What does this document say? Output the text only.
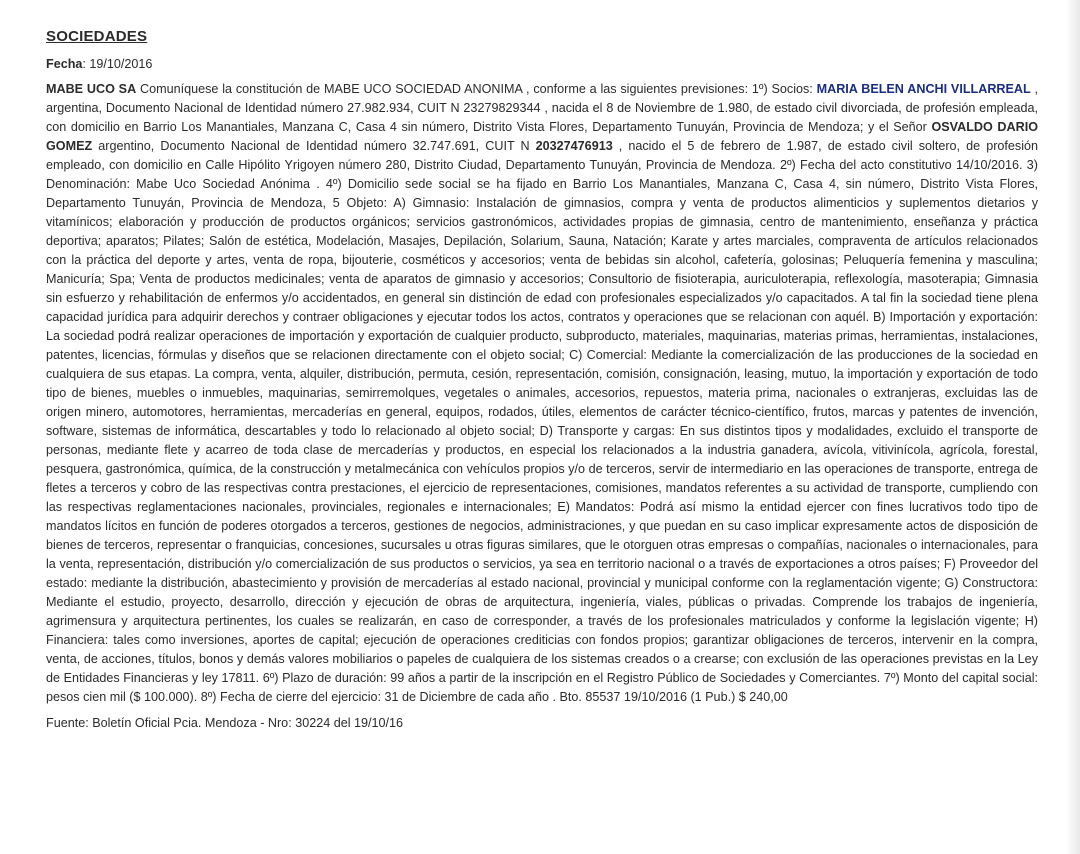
SOCIEDADES
Fecha: 19/10/2016

MABE UCO SA Comuníquese la constitución de MABE UCO SOCIEDAD ANONIMA , conforme a las siguientes previsiones: 1º) Socios: MARIA BELEN ANCHI VILLARREAL , argentina, Documento Nacional de Identidad número 27.982.934, CUIT N 23279829344 , nacida el 8 de Noviembre de 1.980, de estado civil divorciada, de profesión empleada, con domicilio en Barrio Los Manantiales, Manzana C, Casa 4 sin número, Distrito Vista Flores, Departamento Tunuyán, Provincia de Mendoza; y el Señor OSVALDO DARIO GOMEZ argentino, Documento Nacional de Identidad número 32.747.691, CUIT N 20327476913 , nacido el 5 de febrero de 1.987, de estado civil soltero, de profesión empleado, con domicilio en Calle Hipólito Yrigoyen número 280, Distrito Ciudad, Departamento Tunuyán, Provincia de Mendoza. 2º) Fecha del acto constitutivo 14/10/2016. 3) Denominación: Mabe Uco Sociedad Anónima . 4º) Domicilio sede social se ha fijado en Barrio Los Manantiales, Manzana C, Casa 4, sin número, Distrito Vista Flores, Departamento Tunuyán, Provincia de Mendoza, 5 Objeto: A) Gimnasio: Instalación de gimnasios, compra y venta de productos alimenticios y suplementos dietarios y vitamínicos; elaboración y producción de productos orgánicos; servicios gastronómicos, actividades propias de gimnasia, centro de mantenimiento, enseñanza y práctica deportiva; aparatos; Pilates; Salón de estética, Modelación, Masajes, Depilación, Solarium, Sauna, Natación; Karate y artes marciales, compraventa de artículos relacionados con la práctica del deporte y artes, venta de ropa, bijouterie, cosméticos y accesorios; venta de bebidas sin alcohol, cafetería, golosinas; Peluquería femenina y masculina; Manicuría; Spa; Venta de productos medicinales; venta de aparatos de gimnasio y accesorios; Consultorio de fisioterapia, auriculoterapia, reflexología, masoterapia; Gimnasia sin esfuerzo y rehabilitación de enfermos y/o accidentados, en general sin distinción de edad con profesionales especializados y/o capacitados. A tal fin la sociedad tiene plena capacidad jurídica para adquirir derechos y contraer obligaciones y ejecutar todos los actos, contratos y operaciones que se relacionan con aquél. B) Importación y exportación: La sociedad podrá realizar operaciones de importación y exportación de cualquier producto, subproducto, materiales, maquinarias, materias primas, herramientas, instalaciones, patentes, licencias, fórmulas y diseños que se relacionen directamente con el objeto social; C) Comercial: Mediante la comercialización de las producciones de la sociedad en cualquiera de sus etapas. La compra, venta, alquiler, distribución, permuta, cesión, representación, comisión, consignación, leasing, mutuo, la importación y exportación de todo tipo de bienes, muebles o inmuebles, maquinarias, semirremolques, vegetales o animales, accesorios, repuestos, materia prima, nacionales o extranjeras, excluidas las de origen minero, automotores, herramientas, mercaderías en general, equipos, rodados, útiles, elementos de carácter técnico-científico, frutos, marcas y patentes de invención, software, sistemas de informática, descartables y todo lo relacionado al objeto social; D) Transporte y cargas: En sus distintos tipos y modalidades, excluido el transporte de personas, mediante flete y acarreo de toda clase de mercaderías y productos, en especial los relacionados a la industria ganadera, avícola, vitivinícola, agrícola, forestal, pesquera, gastronómica, química, de la construcción y metalmecánica con vehículos propios y/o de terceros, servir de intermediario en las operaciones de transporte, entrega de fletes a terceros y cobro de las respectivas contra prestaciones, el ejercicio de representaciones, comisiones, mandatos referentes a su actividad de transporte, cumpliendo con las respectivas reglamentaciones nacionales, provinciales, regionales e internacionales; E) Mandatos: Podrá así mismo la entidad ejercer con fines lucrativos todo tipo de mandatos lícitos en función de poderes otorgados a terceros, gestiones de negocios, administraciones, y que puedan en su caso implicar expresamente actos de disposición de bienes de terceros, representar o franquicias, concesiones, sucursales u otras figuras similares, que le otorguen otras empresas o compañías, nacionales o internacionales, para la venta, representación, distribución y/o comercialización de sus productos o servicios, ya sea en territorio nacional o a través de exportaciones a otros países; F) Proveedor del estado: mediante la distribución, abastecimiento y provisión de mercaderías al estado nacional, provincial y municipal conforme con la reglamentación vigente; G) Constructora: Mediante el estudio, proyecto, desarrollo, dirección y ejecución de obras de arquitectura, ingeniería, viales, públicas o privadas. Comprende los trabajos de ingeniería, agrimensura y arquitectura pertinentes, los cuales se realizarán, en caso de corresponder, a través de los profesionales matriculados y conforme la legislación vigente; H) Financiera: tales como inversiones, aportes de capital; ejecución de operaciones crediticias con fondos propios; garantizar obligaciones de terceros, intervenir en la compra, venta, de acciones, títulos, bonos y demás valores mobiliarios o papeles de cualquiera de los sistemas creados o a crearse; con exclusión de las operaciones previstas en la Ley de Entidades Financieras y ley 17811. 6º) Plazo de duración: 99 años a partir de la inscripción en el Registro Público de Sociedades y Comerciantes. 7º) Monto del capital social: pesos cien mil ($ 100.000). 8º) Fecha de cierre del ejercicio: 31 de Diciembre de cada año . Bto. 85537 19/10/2016 (1 Pub.) $ 240,00

Fuente: Boletín Oficial Pcia. Mendoza - Nro: 30224 del 19/10/16
